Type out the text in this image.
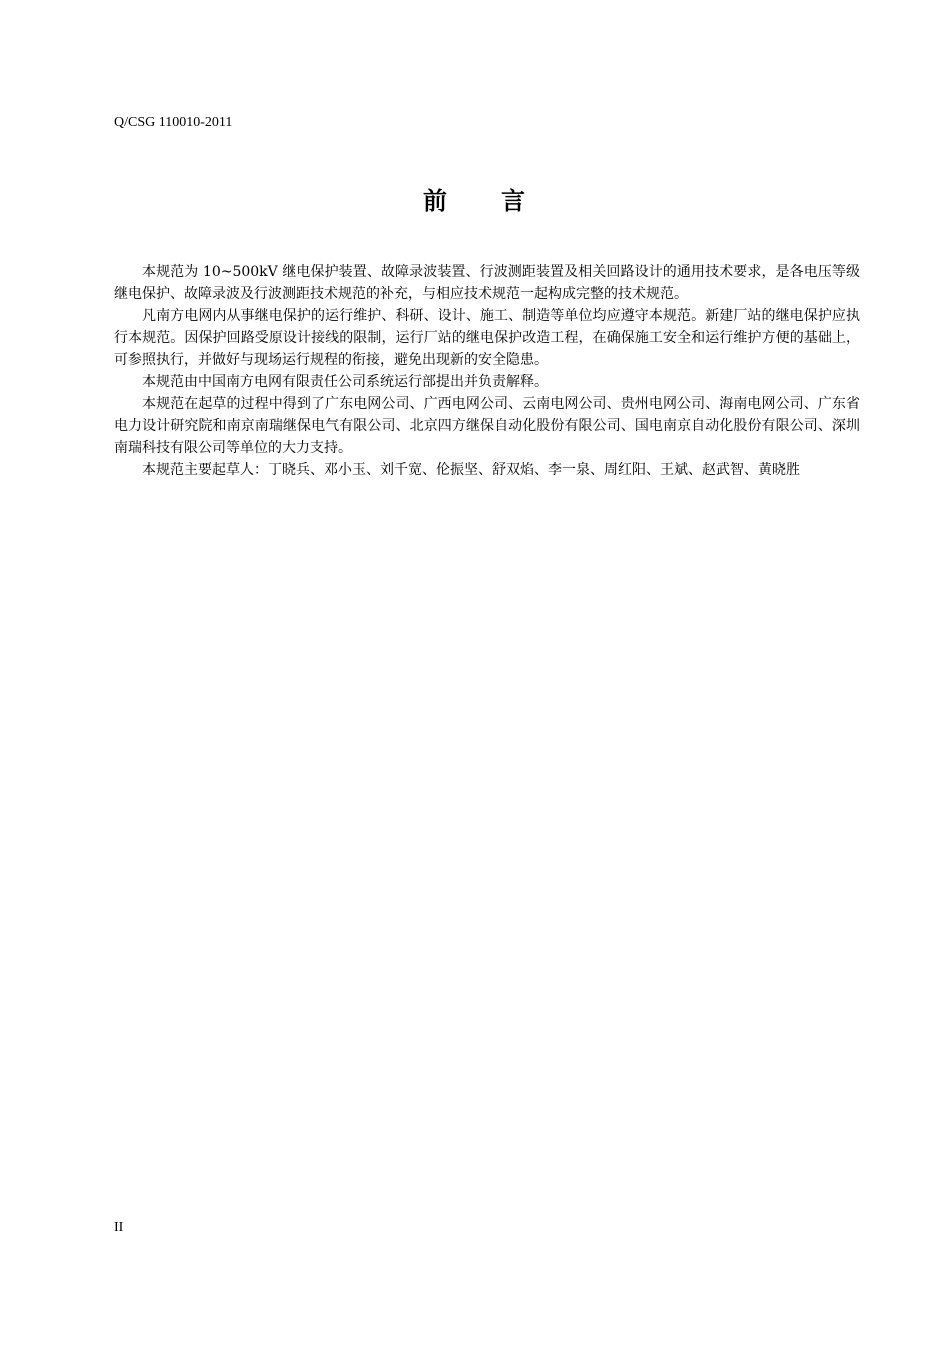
Q/CSG 110010-2011
前 言

本规范为 10~500kV 继电保护装置、故障录波装置、行波测距装置及相关回路设计的通用技术要求，是各电压等级继电保护、故障录波及行波测距技术规范的补充，与相应技术规范一起构成完整的技术规范。

凡南方电网内从事继电保护的运行维护、科研、设计、施工、制造等单位均应遵守本规范。新建厂站的继电保护应执行本规范。因保护回路受原设计接线的限制，运行厂站的继电保护改造工程，在确保施工安全和运行维护方便的基础上，可参照执行，并做好与现场运行规程的衔接，避免出现新的安全隐患。

本规范由中国南方电网有限责任公司系统运行部提出并负责解释。

本规范在起草的过程中得到了广东电网公司、广西电网公司、云南电网公司、贵州电网公司、海南电网公司、广东省电力设计研究院和南京南瑞继保电气有限公司、北京四方继保自动化股份有限公司、国电南京自动化股份有限公司、深圳南瑞科技有限公司等单位的大力支持。

本规范主要起草人：丁晓兵、邓小玉、刘千宽、伦振坚、舒双焰、李一泉、周红阳、王斌、赵武智、黄晓胜

II
